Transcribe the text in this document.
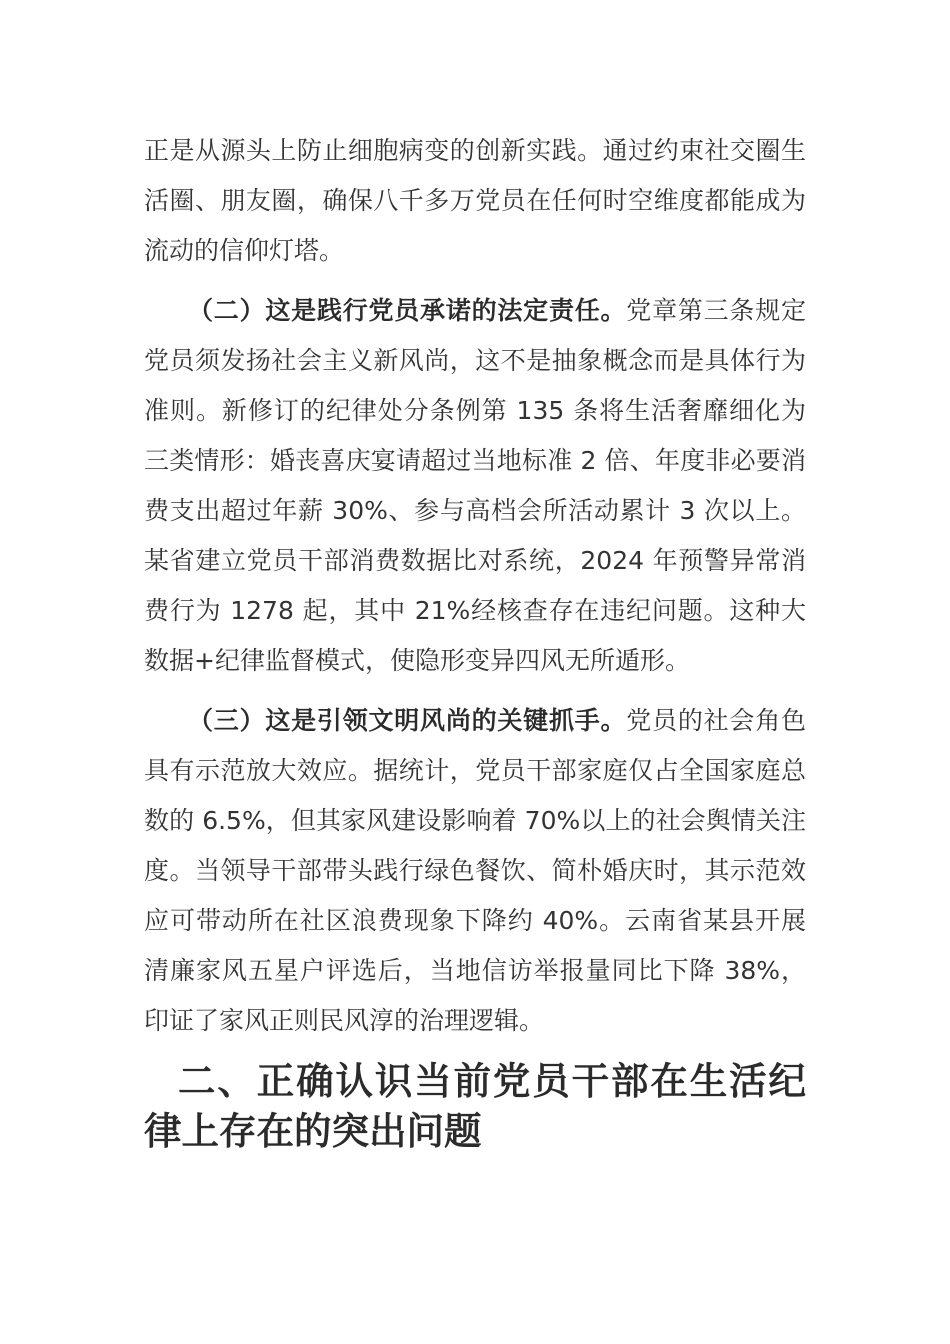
正是从源头上防止细胞病变的创新实践。通过约束社交圈生活圈、朋友圈，确保八千多万党员在任何时空维度都能成为流动的信仰灯塔。

（二）这是践行党员承诺的法定责任。党章第三条规定党员须发扬社会主义新风尚，这不是抽象概念而是具体行为准则。新修订的纪律处分条例第 135 条将生活奢靡细化为三类情形：婚丧喜庆宴请超过当地标准 2 倍、年度非必要消费支出超过年薪 30%、参与高档会所活动累计 3 次以上。某省建立党员干部消费数据比对系统，2024 年预警异常消费行为 1278 起，其中 21%经核查存在违纪问题。这种大数据+纪律监督模式，使隐形变异四风无所遁形。

（三）这是引领文明风尚的关键抓手。党员的社会角色具有示范放大效应。据统计，党员干部家庭仅占全国家庭总数的 6.5%，但其家风建设影响着 70%以上的社会舆情关注度。当领导干部带头践行绿色餐饮、简朴婚庆时，其示范效应可带动所在社区浪费现象下降约 40%。云南省某县开展清廉家风五星户评选后，当地信访举报量同比下降 38%，印证了家风正则民风淳的治理逻辑。

二、正确认识当前党员干部在生活纪律上存在的突出问题
